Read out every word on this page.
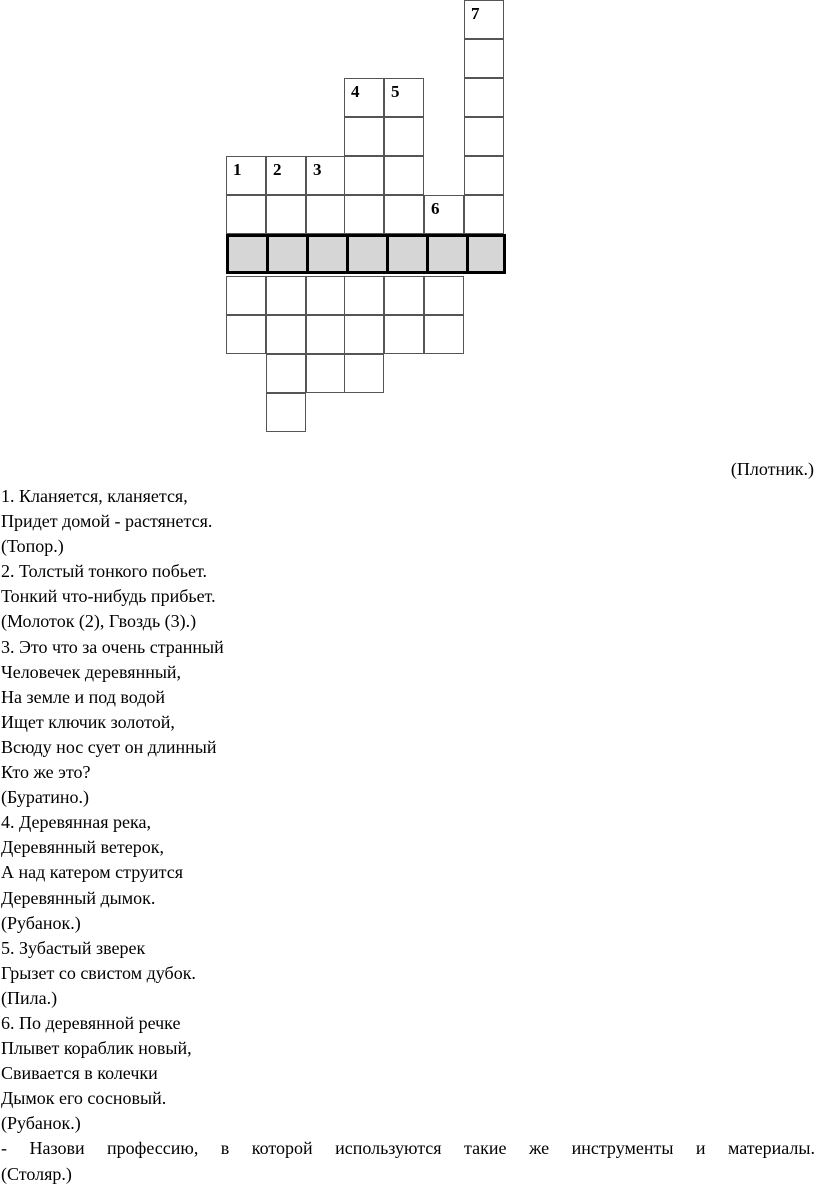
7
4 5
1 2 3
6
(Плотник.)
1. Кланяется, кланяется,
Придет домой - растянется.
(Топор.)
2. Толстый тонкого побьет.
Тонкий что-нибудь прибьет.
(Молоток (2), Гвоздь (3).)
3. Это что за очень странный
Человечек деревянный,
На земле и под водой
Ищет ключик золотой,
Всюду нос сует он длинный
Кто же это?
(Буратино.)
4. Деревянная река,
Деревянный ветерок,
А над катером струится
Деревянный дымок.
(Рубанок.)
5. Зубастый зверек
Грызет со свистом дубок.
(Пила.)
6. По деревянной речке
Плывет кораблик новый,
Свивается в колечки
Дымок его сосновый.
(Рубанок.)
- Назови профессию, в которой используются такие же инструменты и материалы.
(Столяр.)
